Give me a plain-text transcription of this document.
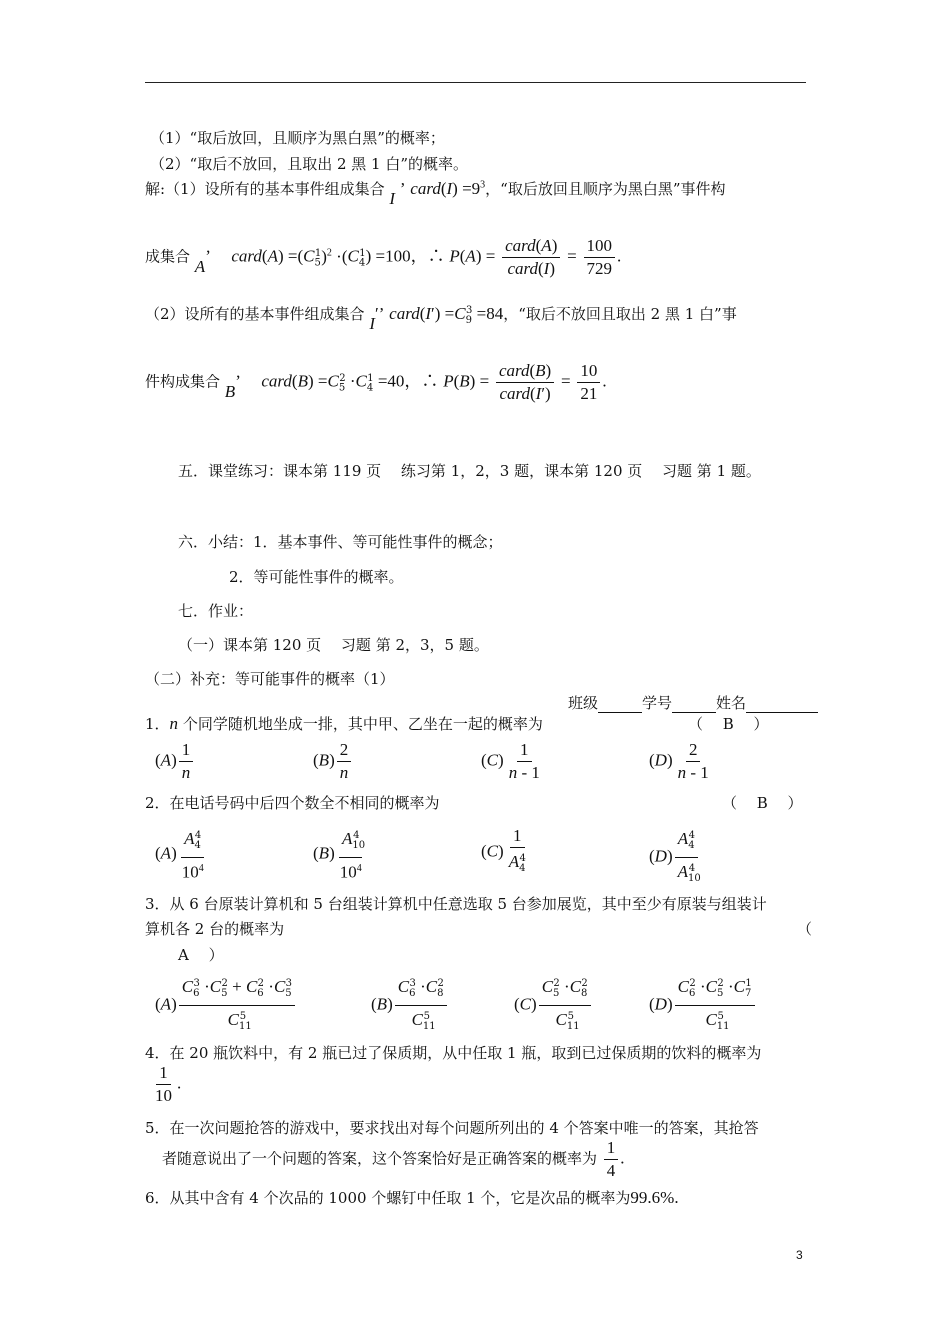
（1）“取后放回，且顺序为黑白黑”的概率；
（2）“取后不放回，且取出 2 黑 1 白”的概率。
解:（1）设所有的基本事件组成集合 I ’ card(I) $=9^3$，“取后放回且顺序为黑白黑”事件构
成集合 A’　 card(A) $=(C_5^1)^2 \cdot(C_4^1) =100$，∴ $P(A) = \frac{\text{card(A)}}{\text{card(I)}} = \frac{100}{729}$ .
（2）设所有的基本事件组成集合 I′’ card(I′) $=C_9^3 =84$，“取后不放回且取出 2 黑 1 白”事
件构成集合 B’　 card(B) $=C_5^2 \cdot C_4^1 =40$，∴ $P(B) = \frac{\text{card(B)}}{\text{card(I′)}} = \frac{10}{21}$ .
五．课堂练习：课本第 119 页　 练习第 1，2，3 题，课本第 120 页　 习题 第 1 题。
六．小结：1．基本事件、等可能性事件的概念；
2．等可能性事件的概率。
七．作业：
（一）课本第 120 页　 习题 第 2，3，5 题。
（二）补充：等可能事件的概率（1）
班级	学号	姓名
1．n 个同学随机地坐成一排，其中甲、乙坐在一起的概率为	（　 B　 ）
$(A) \frac{1}{n}$	$(B) \frac{2}{n}$	$(C) \frac{1}{n - 1}$	$(D) \frac{2}{n - 1}$
2．在电话号码中后四个数全不相同的概率为	（　 B　 ）
$(A) \frac{A_4^4}{10^4}$	$(B) \frac{A_{10}^4}{10^4}$	$(C) \frac{1}{A_4^4}$	$(D) \frac{A_4^4}{A_{10}^4}$
3．从 6 台原装计算机和 5 台组装计算机中任意选取 5 台参加展览，其中至少有原装与组装计
算机各 2 台的概率为	（
A　 ）
$(A) \frac{C_6^3 \cdot C_5^2 + C_6^2 \cdot C_5^3}{C_{11}^5}$	$(B) \frac{C_6^3 \cdot C_8^2}{C_{11}^5}$	$(C) \frac{C_5^2 \cdot C_8^2}{C_{11}^5}$	$(D) \frac{C_6^2 \cdot C_5^2 \cdot C_7^1}{C_{11}^5}$
4．在 20 瓶饮料中，有 2 瓶已过了保质期，从中任取 1 瓶，取到已过保质期的饮料的概率为
$\frac{1}{10}$ .
5．在一次问题抢答的游戏中，要求找出对每个问题所列出的 4 个答案中唯一的答案，其抢答
者随意说出了一个问题的答案，这个答案恰好是正确答案的概率为 $\frac{1}{4}$ .
6．从其中含有 4 个次品的 1000 个螺钉中任取 1 个，它是次品的概率为99.6%.
3
